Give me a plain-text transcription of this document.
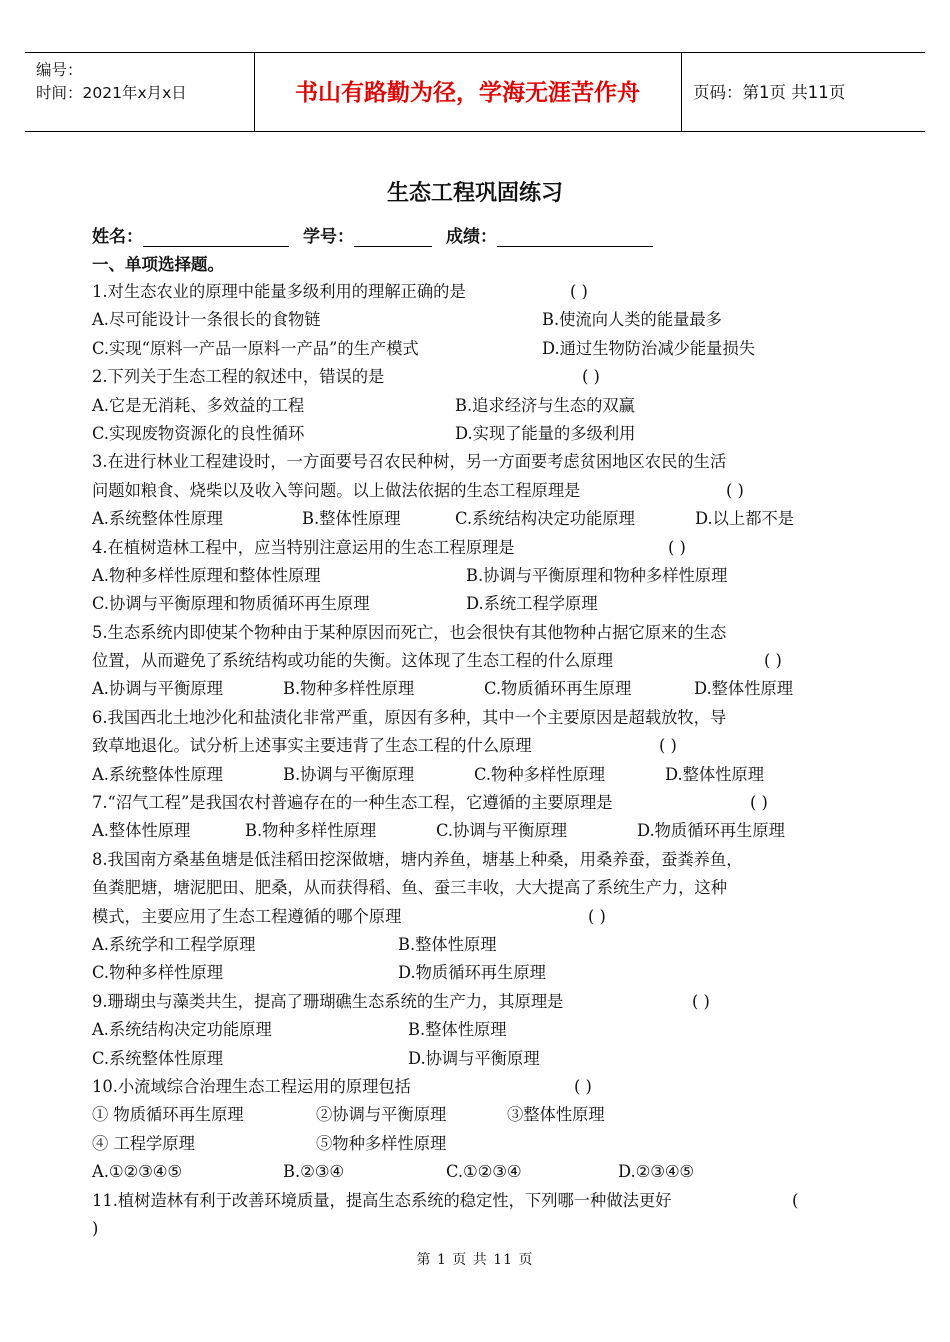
编号：
时间：2021年x月x日	书山有路勤为径，学海无涯苦作舟	页码：第1页 共11页
生态工程巩固练习
姓名：	学号：	成绩：
一、单项选择题。
1.对生态农业的原理中能量多级利用的理解正确的是	( )
A.尽可能设计一条很长的食物链	B.使流向人类的能量最多
C.实现“原料一产品一原料一产品”的生产模式	D.通过生物防治减少能量损失
2.下列关于生态工程的叙述中，错误的是	( )
A.它是无消耗、多效益的工程	B.追求经济与生态的双赢
C.实现废物资源化的良性循环	D.实现了能量的多级利用
3.在进行林业工程建设时，一方面要号召农民种树，另一方面要考虑贫困地区农民的生活
问题如粮食、烧柴以及收入等问题。以上做法依据的生态工程原理是	( )
A.系统整体性原理	B.整体性原理	C.系统结构决定功能原理	D.以上都不是
4.在植树造林工程中，应当特别注意运用的生态工程原理是	( )
A.物种多样性原理和整体性原理	B.协调与平衡原理和物种多样性原理
C.协调与平衡原理和物质循环再生原理	D.系统工程学原理
5.生态系统内即使某个物种由于某种原因而死亡，也会很快有其他物种占据它原来的生态
位置，从而避免了系统结构或功能的失衡。这体现了生态工程的什么原理	( )
A.协调与平衡原理	B.物种多样性原理	C.物质循环再生原理	D.整体性原理
6.我国西北土地沙化和盐渍化非常严重，原因有多种，其中一个主要原因是超载放牧，导
致草地退化。试分析上述事实主要违背了生态工程的什么原理	( )
A.系统整体性原理	B.协调与平衡原理	C.物种多样性原理	D.整体性原理
7.“沼气工程”是我国农村普遍存在的一种生态工程，它遵循的主要原理是	( )
A.整体性原理	B.物种多样性原理	C.协调与平衡原理	D.物质循环再生原理
8.我国南方桑基鱼塘是低洼稻田挖深做塘，塘内养鱼，塘基上种桑，用桑养蚕，蚕粪养鱼，
鱼粪肥塘，塘泥肥田、肥桑，从而获得稻、鱼、蚕三丰收，大大提高了系统生产力，这种
模式，主要应用了生态工程遵循的哪个原理	( )
A.系统学和工程学原理	B.整体性原理
C.物种多样性原理	D.物质循环再生原理
9.珊瑚虫与藻类共生，提高了珊瑚礁生态系统的生产力，其原理是	( )
A.系统结构决定功能原理	B.整体性原理
C.系统整体性原理	D.协调与平衡原理
10.小流域综合治理生态工程运用的原理包括	( )
① 物质循环再生原理	②协调与平衡原理	③整体性原理
④ 工程学原理	⑤物种多样性原理
A.①②③④⑤	B.②③④	C.①②③④	D.②③④⑤
11.植树造林有利于改善环境质量，提高生态系统的稳定性，下列哪一种做法更好	(
)
第 1 页 共 11 页
